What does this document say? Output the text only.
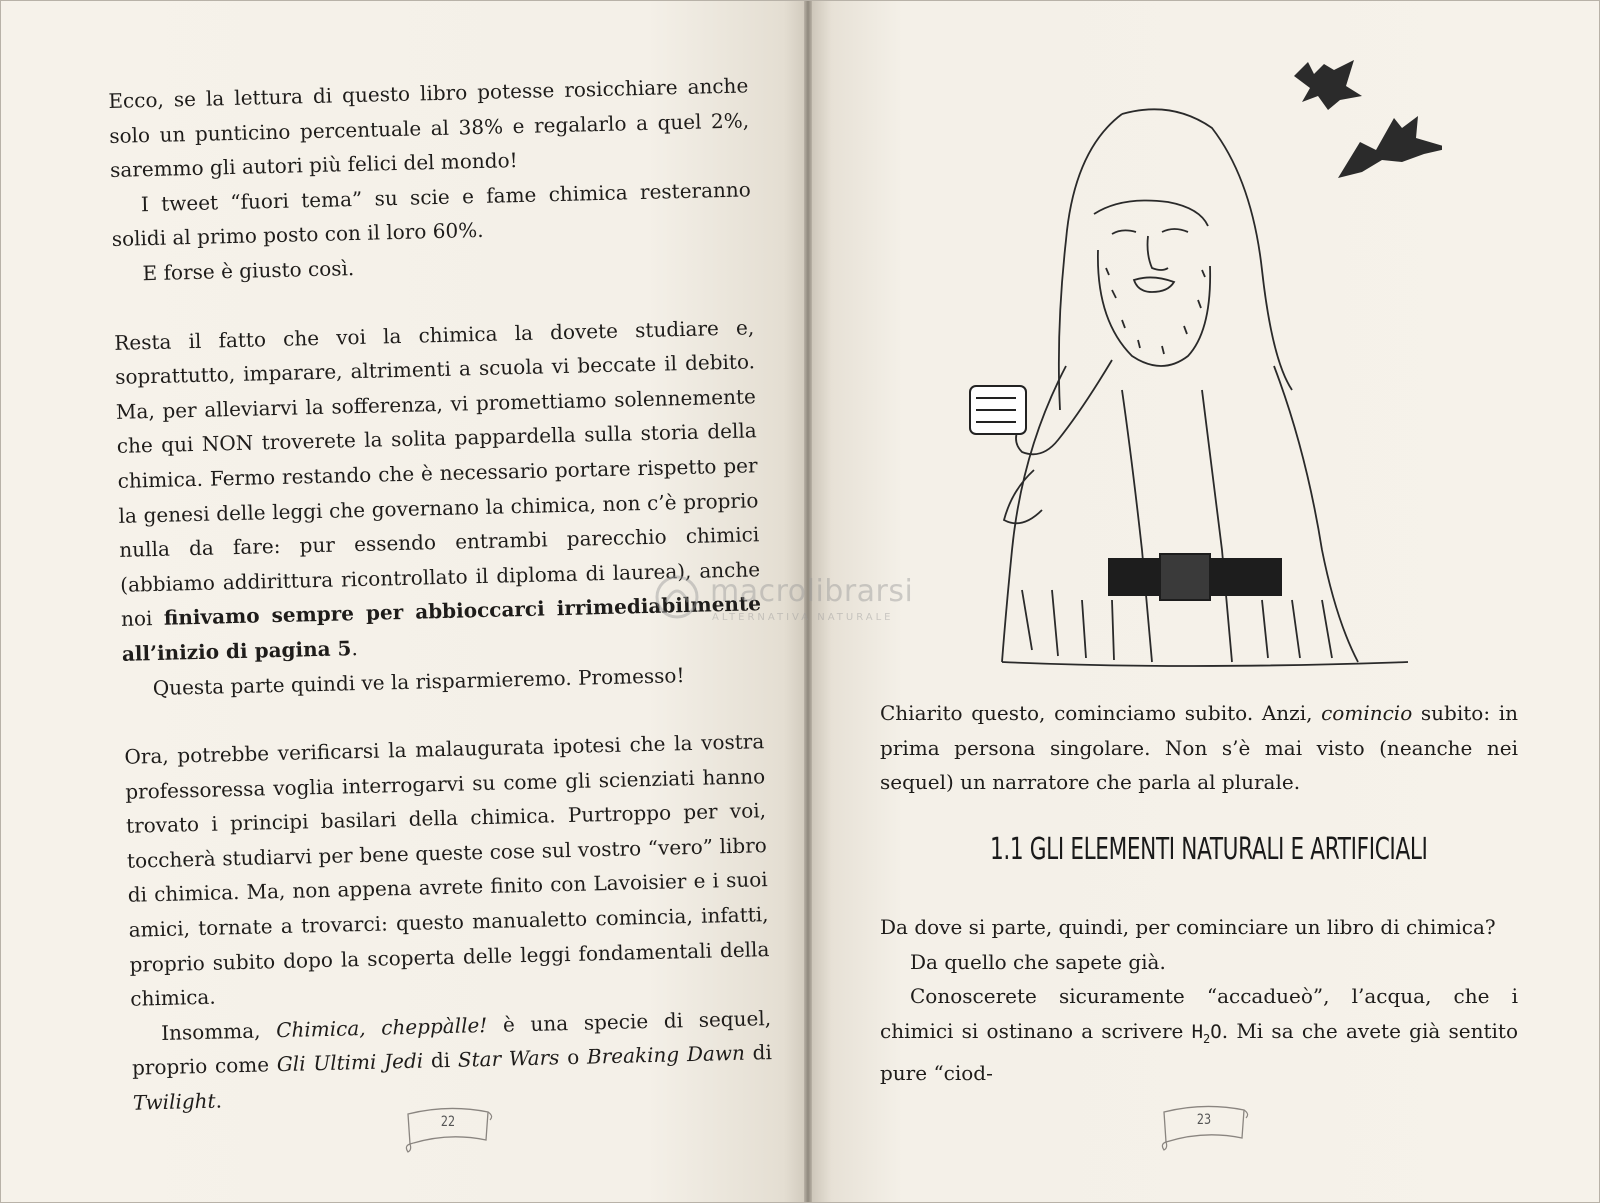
Ecco, se la lettura di questo libro potesse rosicchiare anche solo un punticino percentuale al 38% e regalarlo a quel 2%, saremmo gli autori più felici del mondo!

I tweet “fuori tema” su scie e fame chimica resteranno solidi al primo posto con il loro 60%.

E forse è giusto così.

Resta il fatto che voi la chimica la dovete studiare e, soprattutto, imparare, altrimenti a scuola vi beccate il debito. Ma, per alleviarvi la sofferenza, vi promettiamo solennemente che qui NON troverete la solita pappardella sulla storia della chimica. Fermo restando che è necessario portare rispetto per la genesi delle leggi che governano la chimica, non c’è proprio nulla da fare: pur essendo entrambi parecchio chimici (abbiamo addirittura ricontrollato il diploma di laurea), anche noi finivamo sempre per abbioccarci irrimediabilmente all’inizio di pagina 5.

Questa parte quindi ve la risparmieremo. Promesso!

Ora, potrebbe verificarsi la malaugurata ipotesi che la vostra professoressa voglia interrogarvi su come gli scienziati hanno trovato i principi basilari della chimica. Purtroppo per voi, toccherà studiarvi per bene queste cose sul vostro “vero” libro di chimica. Ma, non appena avrete finito con Lavoisier e i suoi amici, tornate a trovarci: questo manualetto comincia, infatti, proprio subito dopo la scoperta delle leggi fondamentali della chimica.

Insomma, Chimica, cheppàlle! è una specie di sequel, proprio come Gli Ultimi Jedi di Star Wars o Breaking Dawn di Twilight.

22

Chiarito questo, cominciamo subito. Anzi, comincio subito: in prima persona singolare. Non s’è mai visto (neanche nei sequel) un narratore che parla al plurale.

1.1 GLI ELEMENTI NATURALI E ARTIFICIALI

Da dove si parte, quindi, per cominciare un libro di chimica?

Da quello che sapete già.

Conoscerete sicuramente “accadueò”, l’acqua, che i chimici si ostinano a scrivere $H_2O$. Mi sa che avete già sentito pure “ciod-

23
macrolibrarsi
ALTERNATIVA NATURALE
